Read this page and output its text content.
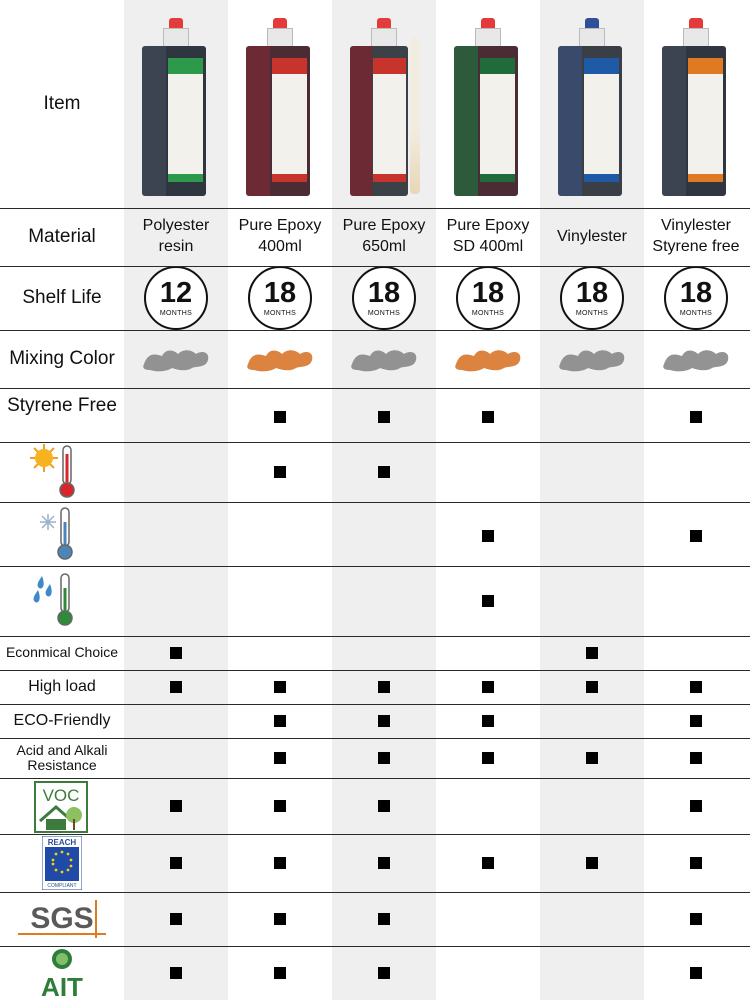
Item
Material
Shelf Life
Mixing Color
Styrene Free
Econmical Choice
High load
ECO-Friendly
Acid and Alkali Resistance
VOC
REACH
COMPLIANT
SGS
AIT
Polyester
resin
Pure Epoxy
400ml
Pure Epoxy
650ml
Pure Epoxy
SD 400ml
Vinylester
Vinylester
Styrene free
12
MONTHS
18
MONTHS
18
MONTHS
18
MONTHS
18
MONTHS
18
MONTHS
